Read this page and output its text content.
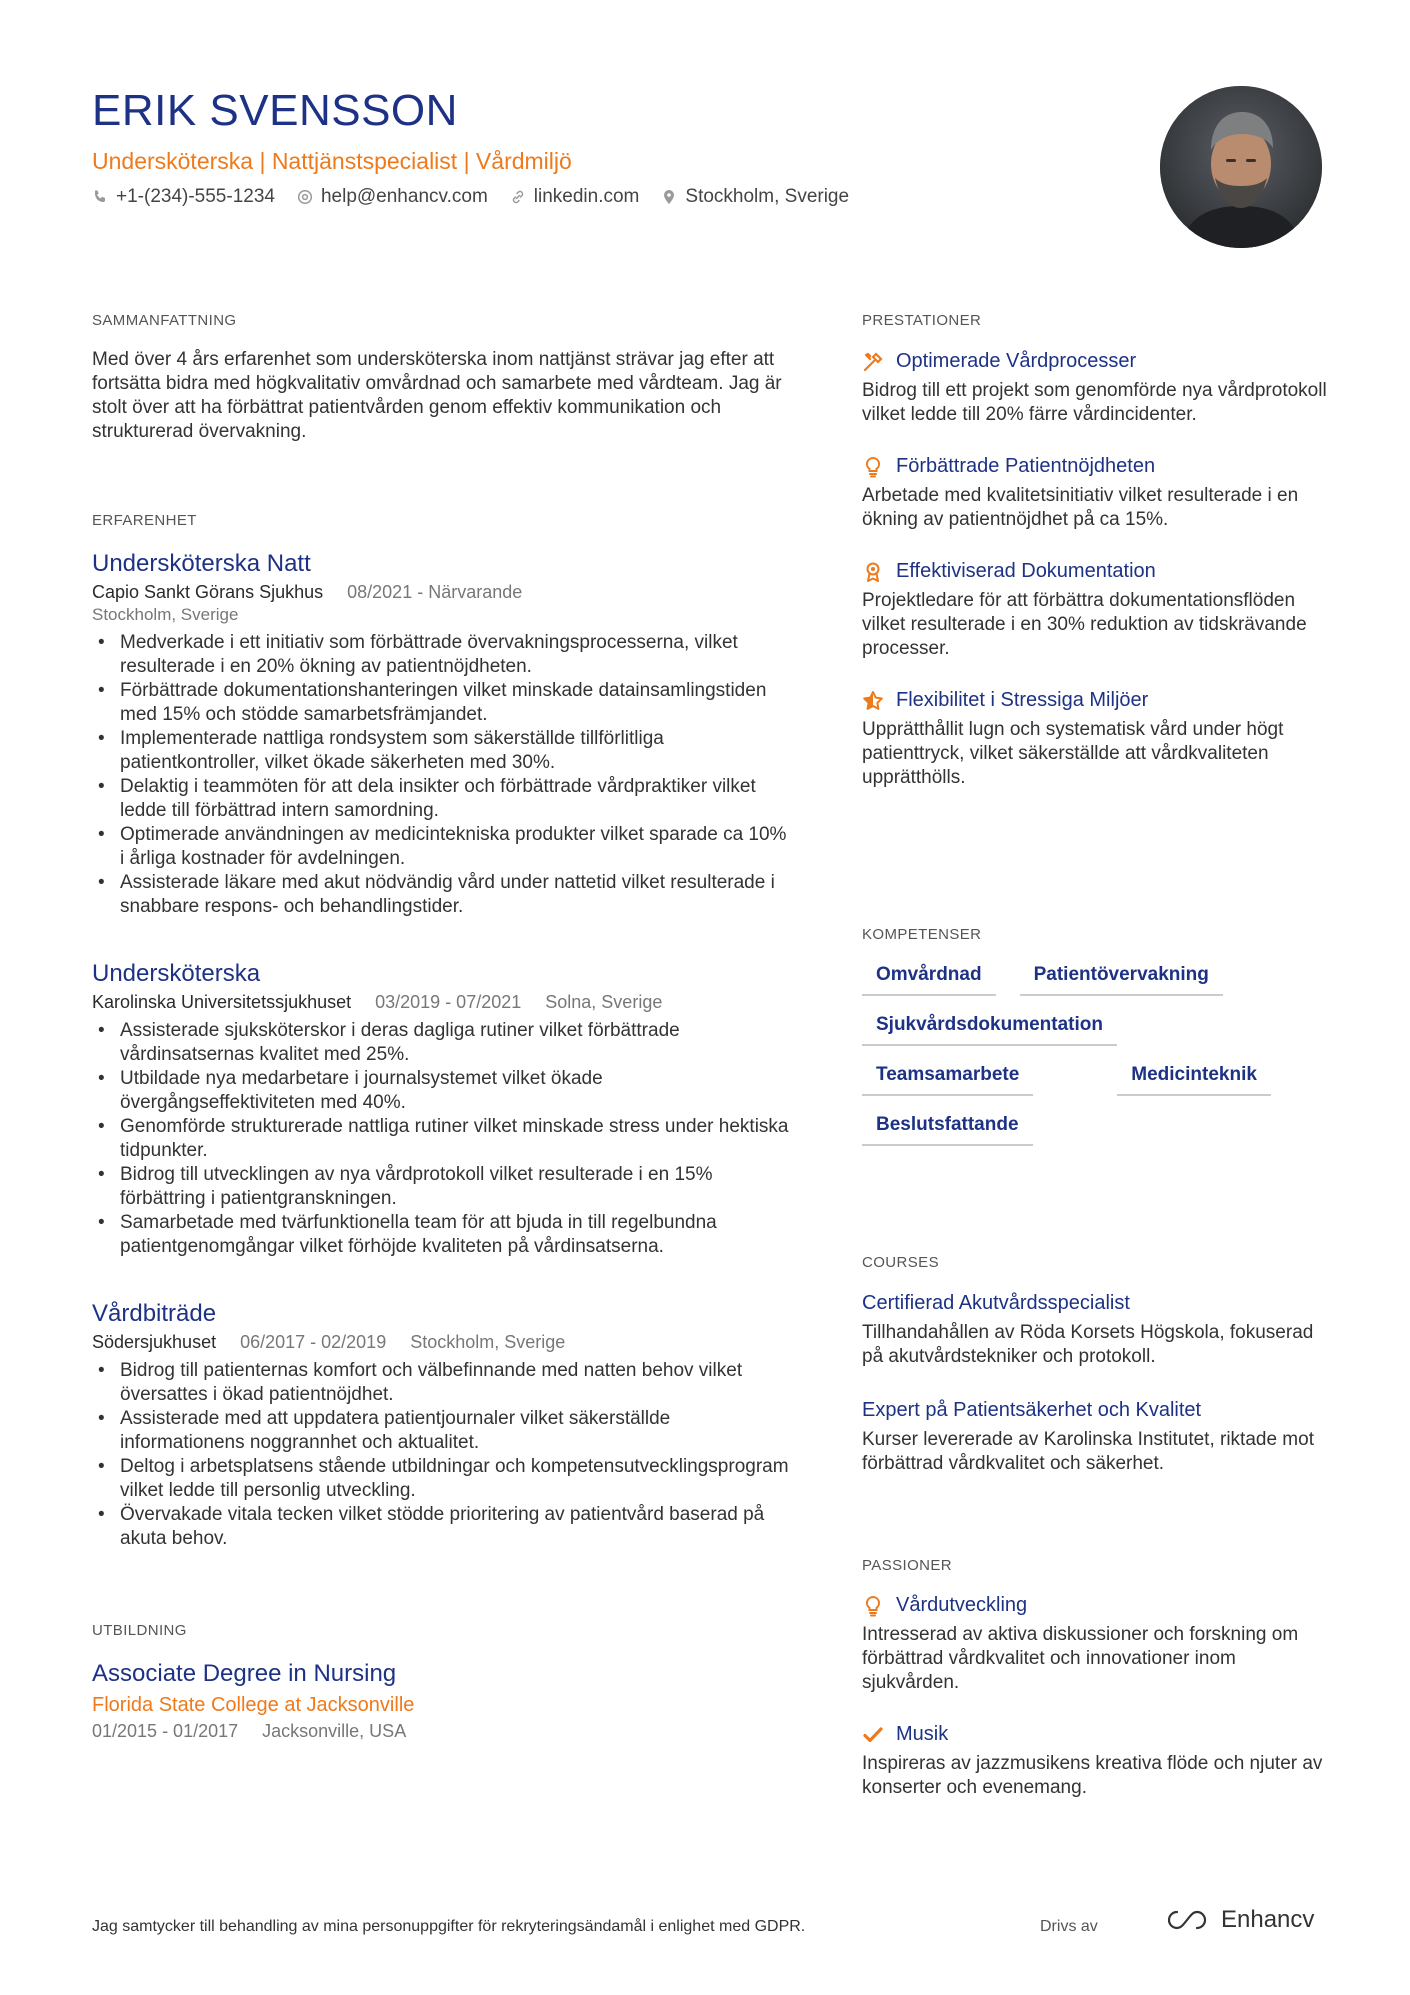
ERIK SVENSSON
Undersköterska | Nattjänstspecialist | Vårdmiljö
+1-(234)-555-1234 help@enhancv.com linkedin.com Stockholm, Sverige
SAMMANFATTNING

Med över 4 års erfarenhet som undersköterska inom nattjänst strävar jag efter att fortsätta bidra med högkvalitativ omvårdnad och samarbete med vårdteam. Jag är stolt över att ha förbättrat patientvården genom effektiv kommunikation och strukturerad övervakning.

ERFARENHET
Undersköterska Natt
Capio Sankt Görans Sjukhus 08/2021 - Närvarande
Stockholm, Sverige
• Medverkade i ett initiativ som förbättrade övervakningsprocesserna, vilket resulterade i en 20% ökning av patientnöjdheten.
• Förbättrade dokumentationshanteringen vilket minskade datainsamlingstiden med 15% och stödde samarbetsfrämjandet.
• Implementerade nattliga rondsystem som säkerställde tillförlitliga patientkontroller, vilket ökade säkerheten med 30%.
• Delaktig i teammöten för att dela insikter och förbättrade vårdpraktiker vilket ledde till förbättrad intern samordning.
• Optimerade användningen av medicintekniska produkter vilket sparade ca 10% i årliga kostnader för avdelningen.
• Assisterade läkare med akut nödvändig vård under nattetid vilket resulterade i snabbare respons- och behandlingstider.
Undersköterska
Karolinska Universitetssjukhuset 03/2019 - 07/2021 Solna, Sverige
• Assisterade sjuksköterskor i deras dagliga rutiner vilket förbättrade vårdinsatsernas kvalitet med 25%.
• Utbildade nya medarbetare i journalsystemet vilket ökade övergångseffektiviteten med 40%.
• Genomförde strukturerade nattliga rutiner vilket minskade stress under hektiska tidpunkter.
• Bidrog till utvecklingen av nya vårdprotokoll vilket resulterade i en 15% förbättring i patientgranskningen.
• Samarbetade med tvärfunktionella team för att bjuda in till regelbundna patientgenomgångar vilket förhöjde kvaliteten på vårdinsatserna.
Vårdbiträde
Södersjukhuset 06/2017 - 02/2019 Stockholm, Sverige
• Bidrog till patienternas komfort och välbefinnande med natten behov vilket översattes i ökad patientnöjdhet.
• Assisterade med att uppdatera patientjournaler vilket säkerställde informationens noggrannhet och aktualitet.
• Deltog i arbetsplatsens stående utbildningar och kompetensutvecklingsprogram vilket ledde till personlig utveckling.
• Övervakade vitala tecken vilket stödde prioritering av patientvård baserad på akuta behov.
UTBILDNING
Associate Degree in Nursing
Florida State College at Jacksonville
01/2015 - 01/2017 Jacksonville, USA
PRESTATIONER
Optimerade Vårdprocesser
Bidrog till ett projekt som genomförde nya vårdprotokoll vilket ledde till 20% färre vårdincidenter.
Förbättrade Patientnöjdheten
Arbetade med kvalitetsinitiativ vilket resulterade i en ökning av patientnöjdhet på ca 15%.
Effektiviserad Dokumentation
Projektledare för att förbättra dokumentationsflöden vilket resulterade i en 30% reduktion av tidskrävande processer.
Flexibilitet i Stressiga Miljöer
Upprätthållit lugn och systematisk vård under högt patienttryck, vilket säkerställde att vårdkvaliteten upprätthölls.
KOMPETENSER
Omvårdnad	Patientövervakning
Sjukvårdsdokumentation
Teamsamarbete	Medicinteknik
Beslutsfattande
COURSES
Certifierad Akutvårdsspecialist
Tillhandahållen av Röda Korsets Högskola, fokuserad på akutvårdstekniker och protokoll.
Expert på Patientsäkerhet och Kvalitet
Kurser levererade av Karolinska Institutet, riktade mot förbättrad vårdkvalitet och säkerhet.
PASSIONER
Vårdutveckling
Intresserad av aktiva diskussioner och forskning om förbättrad vårdkvalitet och innovationer inom sjukvården.
Musik
Inspireras av jazzmusikens kreativa flöde och njuter av konserter och evenemang.
Jag samtycker till behandling av mina personuppgifter för rekryteringsändamål i enlighet med GDPR.	Drivs av	Enhancv
